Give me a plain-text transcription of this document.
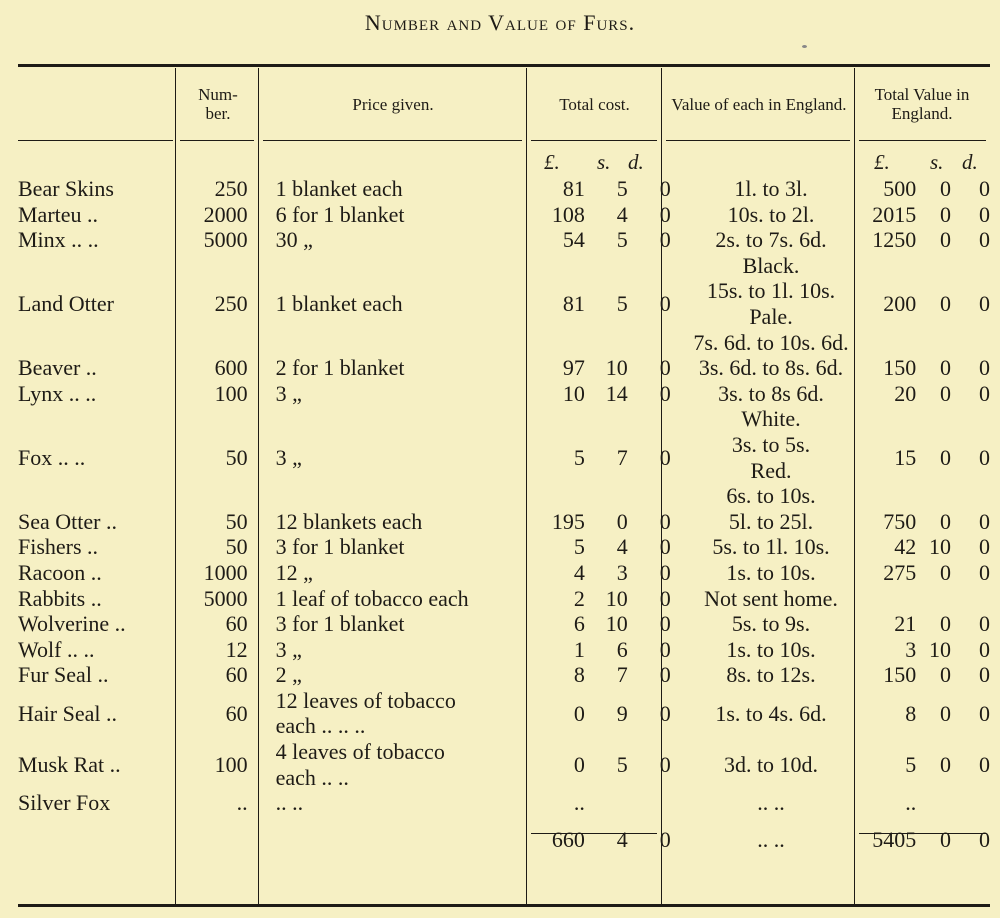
Number and Value of Furs.
Num-ber.	Price given.	Total cost.	Value of each in England.	Total Value in England.
£. s. d.	£. s. d.
Bear Skins	250	1 blanket each	81	5	0	1l. to 3l.	500	0	0
Marteu ..	2000	6 for 1 blanket	108	4	0	10s. to 2l.	2015	0	0
Minx .. ..	5000	30 „	54	5	0	2s. to 7s. 6d.	1250	0	0
Land Otter	250	1 blanket each	81	5	0	Black.
15s. to 1l. 10s.
Pale.
7s. 6d. to 10s. 6d.	200	0	0
Beaver ..	600	2 for 1 blanket	97	10	0	3s. 6d. to 8s. 6d.	150	0	0
Lynx .. ..	100	3 „	10	14	0	3s. to 8s 6d.	20	0	0
Fox .. ..	50	3 „	5	7	0	White.
3s. to 5s.
Red.
6s. to 10s.	15	0	0
Sea Otter ..	50	12 blankets each	195	0	0	5l. to 25l.	750	0	0
Fishers ..	50	3 for 1 blanket	5	4	0	5s. to 1l. 10s.	42	10	0
Racoon ..	1000	12 „	4	3	0	1s. to 10s.	275	0	0
Rabbits ..	5000	1 leaf of tobacco each	2	10	0	Not sent home.			
Wolverine ..	60	3 for 1 blanket	6	10	0	5s. to 9s.	21	0	0
Wolf .. ..	12	3 „	1	6	0	1s. to 10s.	3	10	0
Fur Seal ..	60	2 „	8	7	0	8s. to 12s.	150	0	0
Hair Seal ..	60	12 leaves of tobacco
each .. .. ..	0	9	0	1s. to 4s. 6d.	8	0	0
Musk Rat ..	100	4 leaves of tobacco
each .. ..	0	5	0	3d. to 10d.	5	0	0
Silver Fox	..	.. ..	..			.. ..	..		
			660	4	0	.. ..	5405	0	0
